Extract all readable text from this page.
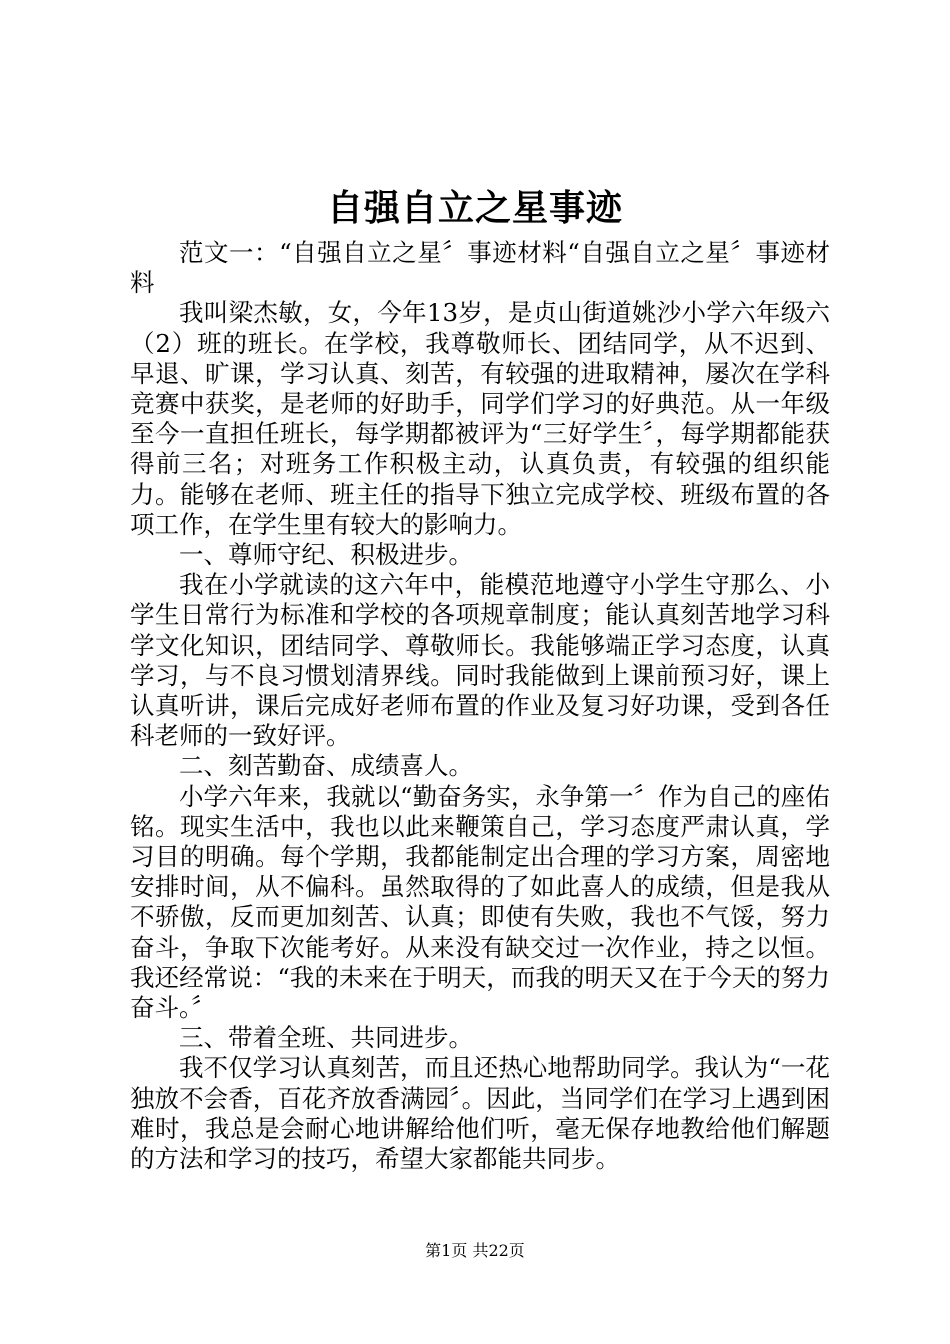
自强自立之星事迹

范文一：“自强自立之星〞事迹材料“自强自立之星〞事迹材料

我叫梁杰敏，女，今年13岁，是贞山街道姚沙小学六年级六（2）班的班长。在学校，我尊敬师长、团结同学，从不迟到、早退、旷课，学习认真、刻苦，有较强的进取精神，屡次在学科竞赛中获奖，是老师的好助手，同学们学习的好典范。从一年级至今一直担任班长，每学期都被评为“三好学生〞，每学期都能获得前三名；对班务工作积极主动，认真负责，有较强的组织能力。能够在老师、班主任的指导下独立完成学校、班级布置的各项工作，在学生里有较大的影响力。

一、尊师守纪、积极进步。

我在小学就读的这六年中，能模范地遵守小学生守那么、小学生日常行为标准和学校的各项规章制度；能认真刻苦地学习科学文化知识，团结同学、尊敬师长。我能够端正学习态度，认真学习，与不良习惯划清界线。同时我能做到上课前预习好，课上认真听讲，课后完成好老师布置的作业及复习好功课，受到各任科老师的一致好评。

二、刻苦勤奋、成绩喜人。

小学六年来，我就以“勤奋务实，永争第一〞作为自己的座佑铭。现实生活中，我也以此来鞭策自己，学习态度严肃认真，学习目的明确。每个学期，我都能制定出合理的学习方案，周密地安排时间，从不偏科。虽然取得的了如此喜人的成绩，但是我从不骄傲，反而更加刻苦、认真；即使有失败，我也不气馁，努力奋斗，争取下次能考好。从来没有缺交过一次作业，持之以恒。我还经常说：“我的未来在于明天，而我的明天又在于今天的努力奋斗。〞

三、带着全班、共同进步。

我不仅学习认真刻苦，而且还热心地帮助同学。我认为“一花独放不会香，百花齐放香满园〞。因此，当同学们在学习上遇到困难时，我总是会耐心地讲解给他们听，毫无保存地教给他们解题的方法和学习的技巧，希望大家都能共同步。

第1页 共22页
